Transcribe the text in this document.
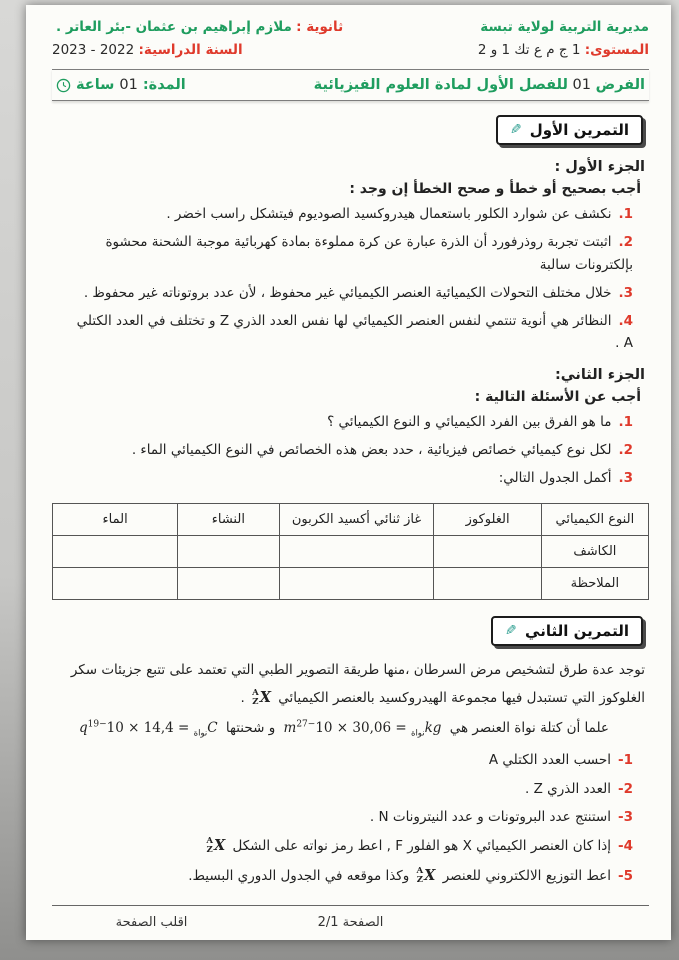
مديرية التربية لولاية تبسة
ثانوية : ملازم إبراهيم بن عثمان -بئر العاتر .
المستوى: 1 ج م ع تك 1 و 2
السنة الدراسية: 2022 - 2023
الفرض 01 للفصل الأول لمادة العلوم الفيزيائية
المدة:
01
ساعة
التمرين الأول
✎
الجزء الأول :
أجب بصحيح أو خطأ و صحح الخطأ إن وجد :
1.نكشف عن شوارد الكلور باستعمال هيدروكسيد الصوديوم فيتشكل راسب اخضر .
2.اثبتت تجربة روذرفورد أن الذرة عبارة عن كرة مملوءة بمادة كهربائية موجبة الشحنة محشوة بإلكترونات سالبة
3.خلال مختلف التحولات الكيميائية العنصر الكيميائي غير محفوظ ، لأن عدد بروتوناته غير محفوظ .
4.النظائر هي أنوية تنتمي لنفس العنصر الكيميائي لها نفس العدد الذري Z و تختلف في العدد الكتلي A .
الجزء الثاني:
أجب عن الأسئلة التالية :
1.ما هو الفرق بين الفرد الكيميائي و النوع الكيميائي ؟
2.لكل نوع كيميائي خصائص فيزيائية ، حدد بعض هذه الخصائص في النوع الكيميائي الماء .
3.أكمل الجدول التالي:
النوع الكيميائي	الغلوكوز	غاز ثنائي أكسيد الكربون	النشاء	الماء
الكاشف				
الملاحظة				
التمرين الثاني
✎

توجد عدة طرق لتشخيص مرض السرطان ،منها طريقة التصوير الطبي التي تعتمد على تتبع جزيئات سكر الغلوكوز التي تستبدل فيها مجموعة الهيدروكسيد بالعنصر الكيميائي
A
Z X
.

علما أن كتلة نواة العنصر هي m	$_{نواة} = 30,06 \times 10^{-27}$	kg و شحنتها q	$_{نواة} = 14,4 \times 10^{-19}$	C
1-احسب العدد الكتلي A
2-العدد الذري Z .
3-استنتج عدد البروتونات و عدد النيترونات N .
4-إذا كان العنصر الكيميائي X هو الفلور F , اعط رمز نواته على الشكل
A
Z X
5-اعط التوزيع الالكتروني للعنصر
A
Z X
وكذا موقعه في الجدول الدوري البسيط.
الصفحة 2/1
اقلب الصفحة
